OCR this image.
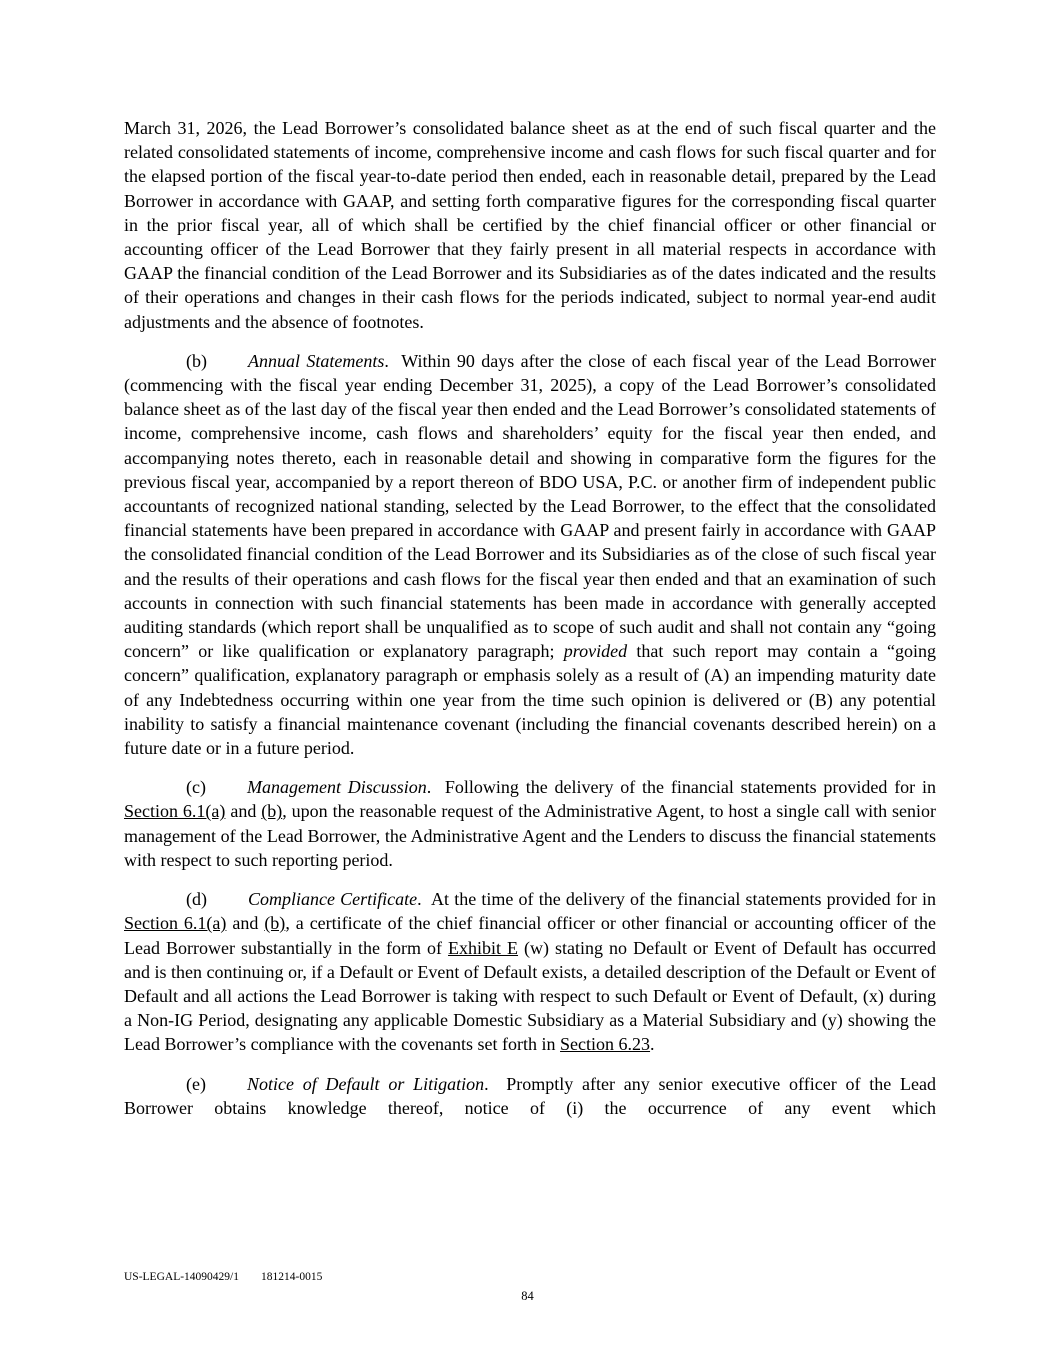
March 31, 2026, the Lead Borrower’s consolidated balance sheet as at the end of such fiscal quarter and the related consolidated statements of income, comprehensive income and cash flows for such fiscal quarter and for the elapsed portion of the fiscal year-to-date period then ended, each in reasonable detail, prepared by the Lead Borrower in accordance with GAAP, and setting forth comparative figures for the corresponding fiscal quarter in the prior fiscal year, all of which shall be certified by the chief financial officer or other financial or accounting officer of the Lead Borrower that they fairly present in all material respects in accordance with GAAP the financial condition of the Lead Borrower and its Subsidiaries as of the dates indicated and the results of their operations and changes in their cash flows for the periods indicated, subject to normal year-end audit adjustments and the absence of footnotes.

(b) Annual Statements.  Within 90 days after the close of each fiscal year of the Lead Borrower (commencing with the fiscal year ending December 31, 2025), a copy of the Lead Borrower’s consolidated balance sheet as of the last day of the fiscal year then ended and the Lead Borrower’s consolidated statements of income, comprehensive income, cash flows and shareholders’ equity for the fiscal year then ended, and accompanying notes thereto, each in reasonable detail and showing in comparative form the figures for the previous fiscal year, accompanied by a report thereon of BDO USA, P.C. or another firm of independent public accountants of recognized national standing, selected by the Lead Borrower, to the effect that the consolidated financial statements have been prepared in accordance with GAAP and present fairly in accordance with GAAP the consolidated financial condition of the Lead Borrower and its Subsidiaries as of the close of such fiscal year and the results of their operations and cash flows for the fiscal year then ended and that an examination of such accounts in connection with such financial statements has been made in accordance with generally accepted auditing standards (which report shall be unqualified as to scope of such audit and shall not contain any “going concern” or like qualification or explanatory paragraph; provided that such report may contain a “going concern” qualification, explanatory paragraph or emphasis solely as a result of (A) an impending maturity date of any Indebtedness occurring within one year from the time such opinion is delivered or (B) any potential inability to satisfy a financial maintenance covenant (including the financial covenants described herein) on a future date or in a future period.

(c) Management Discussion.  Following the delivery of the financial statements provided for in Section 6.1(a) and (b), upon the reasonable request of the Administrative Agent, to host a single call with senior management of the Lead Borrower, the Administrative Agent and the Lenders to discuss the financial statements with respect to such reporting period.

(d) Compliance Certificate.  At the time of the delivery of the financial statements provided for in Section 6.1(a) and (b), a certificate of the chief financial officer or other financial or accounting officer of the Lead Borrower substantially in the form of Exhibit E (w) stating no Default or Event of Default has occurred and is then continuing or, if a Default or Event of Default exists, a detailed description of the Default or Event of Default and all actions the Lead Borrower is taking with respect to such Default or Event of Default, (x) during a Non-IG Period, designating any applicable Domestic Subsidiary as a Material Subsidiary and (y) showing the Lead Borrower’s compliance with the covenants set forth in Section 6.23.

(e) Notice of Default or Litigation.  Promptly after any senior executive officer of the Lead Borrower obtains knowledge thereof, notice of (i) the occurrence of any event which

US-LEGAL-14090429/1 181214-0015
84
